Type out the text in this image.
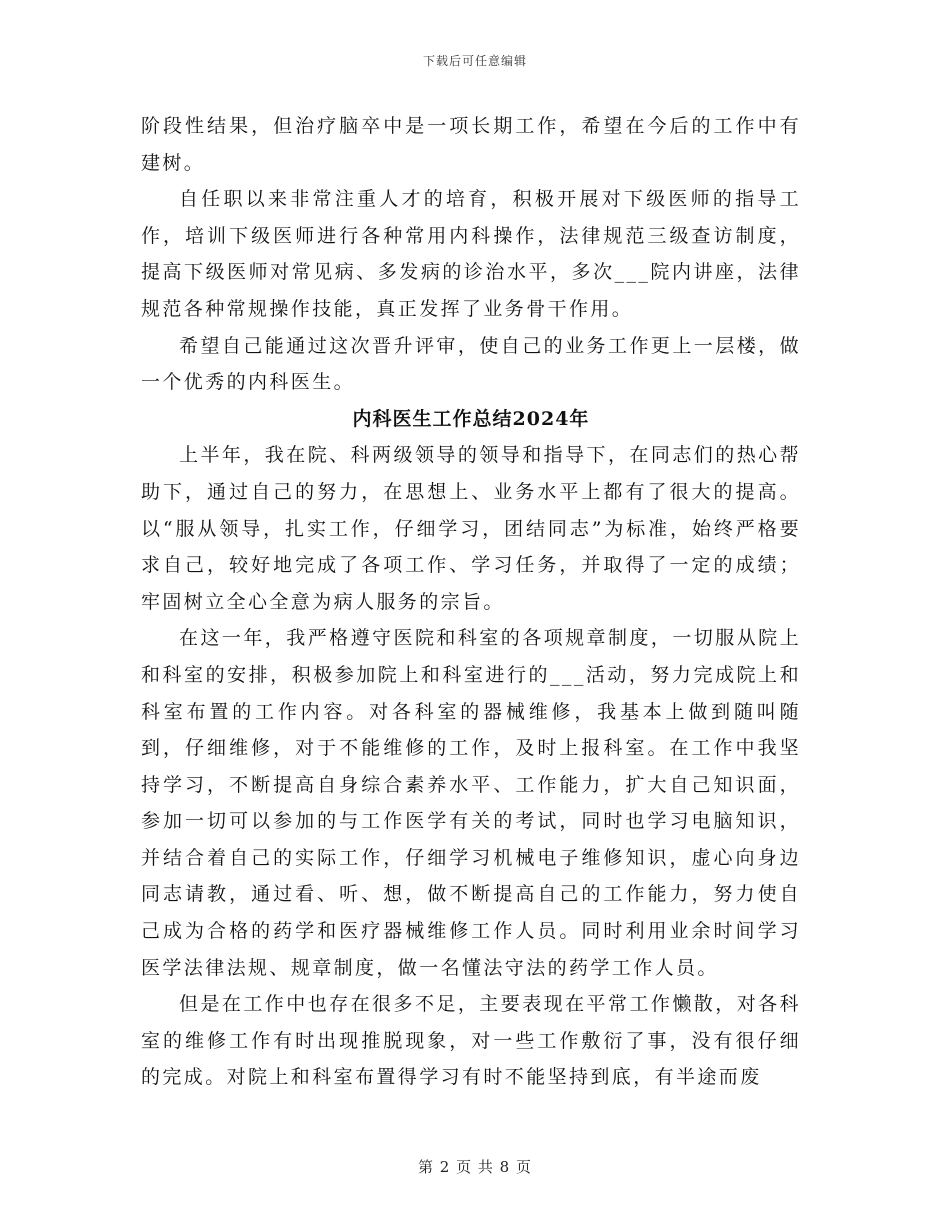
下载后可任意编辑

阶段性结果，但治疗脑卒中是一项长期工作，希望在今后的工作中有建树。

自任职以来非常注重人才的培育，积极开展对下级医师的指导工作，培训下级医师进行各种常用内科操作，法律规范三级查访制度，提高下级医师对常见病、多发病的诊治水平，多次___院内讲座，法律规范各种常规操作技能，真正发挥了业务骨干作用。

希望自己能通过这次晋升评审，使自己的业务工作更上一层楼，做一个优秀的内科医生。

内科医生工作总结2024年

上半年，我在院、科两级领导的领导和指导下，在同志们的热心帮助下，通过自己的努力，在思想上、业务水平上都有了很大的提高。以“服从领导，扎实工作，仔细学习，团结同志”为标准，始终严格要求自己，较好地完成了各项工作、学习任务，并取得了一定的成绩；牢固树立全心全意为病人服务的宗旨。

在这一年，我严格遵守医院和科室的各项规章制度，一切服从院上和科室的安排，积极参加院上和科室进行的___活动，努力完成院上和科室布置的工作内容。对各科室的器械维修，我基本上做到随叫随到，仔细维修，对于不能维修的工作，及时上报科室。在工作中我坚持学习，不断提高自身综合素养水平、工作能力，扩大自己知识面，参加一切可以参加的与工作医学有关的考试，同时也学习电脑知识，并结合着自己的实际工作，仔细学习机械电子维修知识，虚心向身边同志请教，通过看、听、想，做不断提高自己的工作能力，努力使自己成为合格的药学和医疗器械维修工作人员。同时利用业余时间学习医学法律法规、规章制度，做一名懂法守法的药学工作人员。

但是在工作中也存在很多不足，主要表现在平常工作懒散，对各科室的维修工作有时出现推脱现象，对一些工作敷衍了事，没有很仔细的完成。对院上和科室布置得学习有时不能坚持到底，有半途而废

第 2 页 共 8 页
